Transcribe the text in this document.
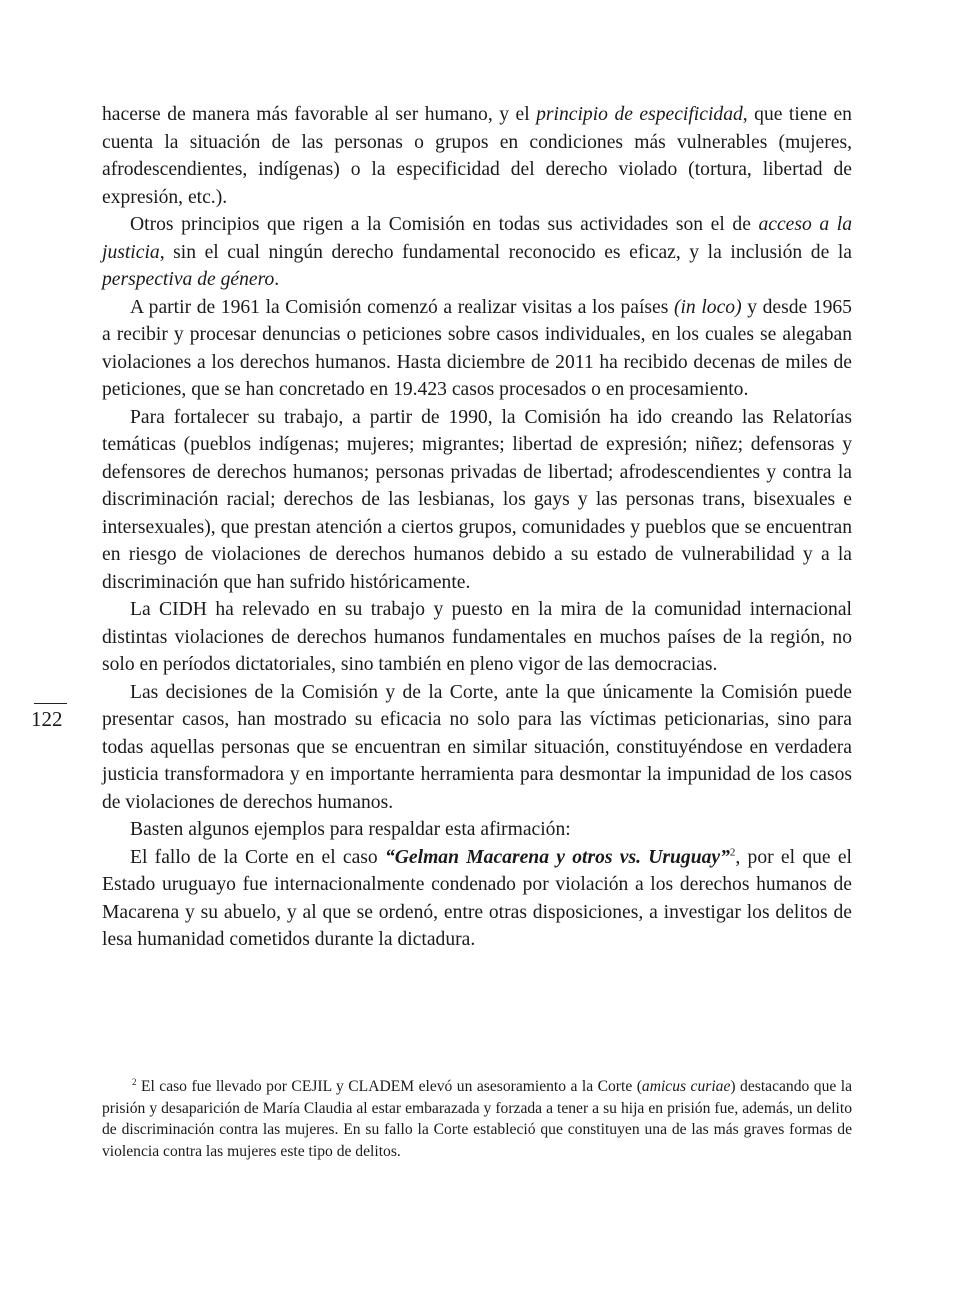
hacerse de manera más favorable al ser humano, y el principio de especificidad, que tiene en cuenta la situación de las personas o grupos en condiciones más vulnerables (mujeres, afrodescendientes, indígenas) o la especificidad del derecho violado (tortura, libertad de expresión, etc.).

Otros principios que rigen a la Comisión en todas sus actividades son el de acceso a la justicia, sin el cual ningún derecho fundamental reconocido es eficaz, y la inclusión de la perspectiva de género.

A partir de 1961 la Comisión comenzó a realizar visitas a los países (in loco) y desde 1965 a recibir y procesar denuncias o peticiones sobre casos individuales, en los cuales se alegaban violaciones a los derechos humanos. Hasta diciembre de 2011 ha recibido decenas de miles de peticiones, que se han concretado en 19.423 casos procesados o en procesamiento.

Para fortalecer su trabajo, a partir de 1990, la Comisión ha ido creando las Relatorías temáticas (pueblos indígenas; mujeres; migrantes; libertad de expresión; niñez; defensoras y defensores de derechos humanos; personas privadas de libertad; afrodescendientes y contra la discriminación racial; derechos de las lesbianas, los gays y las personas trans, bisexuales e intersexuales), que prestan atención a ciertos grupos, comunidades y pueblos que se encuentran en riesgo de violaciones de derechos humanos debido a su estado de vulnerabilidad y a la discriminación que han sufrido históricamente.

La CIDH ha relevado en su trabajo y puesto en la mira de la comunidad internacional distintas violaciones de derechos humanos fundamentales en muchos países de la región, no solo en períodos dictatoriales, sino también en pleno vigor de las democracias.

Las decisiones de la Comisión y de la Corte, ante la que únicamente la Comisión puede presentar casos, han mostrado su eficacia no solo para las víctimas peticionarias, sino para todas aquellas personas que se encuentran en similar situación, constituyéndose en verdadera justicia transformadora y en importante herramienta para desmontar la impunidad de los casos de violaciones de derechos humanos.

Basten algunos ejemplos para respaldar esta afirmación:

El fallo de la Corte en el caso “Gelman Macarena y otros vs. Uruguay”$^2$, por el que el Estado uruguayo fue internacionalmente condenado por violación a los derechos humanos de Macarena y su abuelo, y al que se ordenó, entre otras disposiciones, a investigar los delitos de lesa humanidad cometidos durante la dictadura.

122

$^2$ El caso fue llevado por CEJIL y CLADEM elevó un asesoramiento a la Corte (amicus curiae) destacando que la prisión y desaparición de María Claudia al estar embarazada y forzada a tener a su hija en prisión fue, además, un delito de discriminación contra las mujeres. En su fallo la Corte estableció que constituyen una de las más graves formas de violencia contra las mujeres este tipo de delitos.
